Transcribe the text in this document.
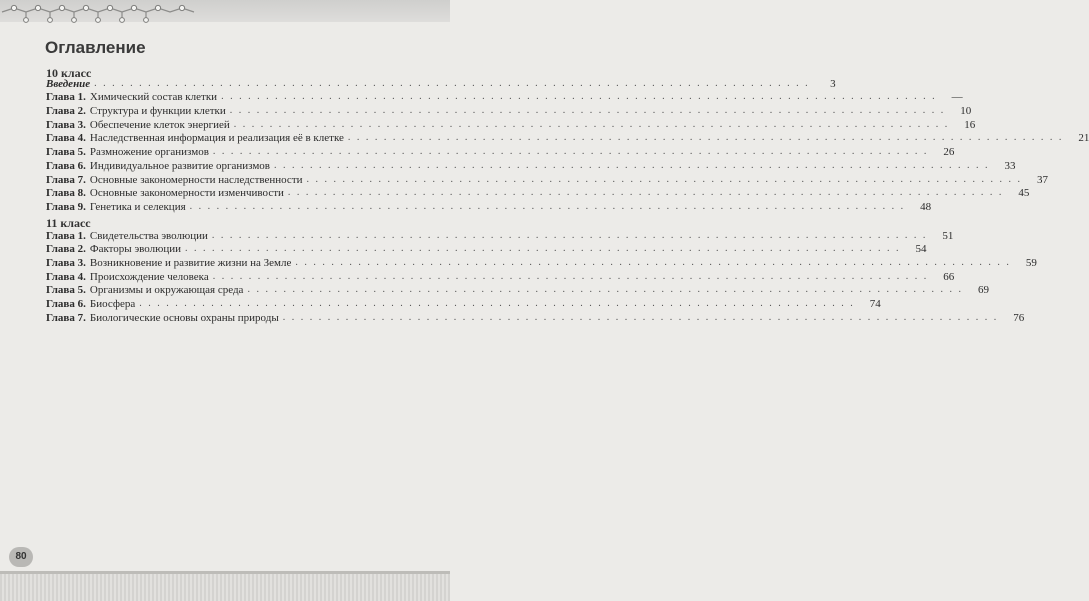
Оглавление
10 класс
Введение . . . . . . . . . . . . . . . . . . . . . . . . . . . . . . . . . . . . . . . . . . . . . . . . . . . . . . . . . . . . . . . . . . . . . . . . . . . . . . . .	3
Глава 1. Химический состав клетки . . . . . . . . . . . . . . . . . . . . . . . . . . . . . . . . . . . . . . . . . . . . . . . . . . . . . . . . . . . . . . . . . . . . . . . . . . . . . . . .	—
Глава 2. Структура и функции клетки . . . . . . . . . . . . . . . . . . . . . . . . . . . . . . . . . . . . . . . . . . . . . . . . . . . . . . . . . . . . . . . . . . . . . . . . . . . . . . . .	10
Глава 3. Обеспечение клеток энергией . . . . . . . . . . . . . . . . . . . . . . . . . . . . . . . . . . . . . . . . . . . . . . . . . . . . . . . . . . . . . . . . . . . . . . . . . . . . . . . .	16
Глава 4. Наследственная информация и реализация её в клетке . . . . . . . . . . . . . . . . . . . . . . . . . . . . . . . . . . . . . . . . . . . . . . . . . . . . . . . . . . . . . . . . . . . . . . . . . . . . . . . .	21
Глава 5. Размножение организмов . . . . . . . . . . . . . . . . . . . . . . . . . . . . . . . . . . . . . . . . . . . . . . . . . . . . . . . . . . . . . . . . . . . . . . . . . . . . . . . .	26
Глава 6. Индивидуальное развитие организмов . . . . . . . . . . . . . . . . . . . . . . . . . . . . . . . . . . . . . . . . . . . . . . . . . . . . . . . . . . . . . . . . . . . . . . . . . . . . . . . .	33
Глава 7. Основные закономерности наследственности . . . . . . . . . . . . . . . . . . . . . . . . . . . . . . . . . . . . . . . . . . . . . . . . . . . . . . . . . . . . . . . . . . . . . . . . . . . . . . . .	37
Глава 8. Основные закономерности изменчивости . . . . . . . . . . . . . . . . . . . . . . . . . . . . . . . . . . . . . . . . . . . . . . . . . . . . . . . . . . . . . . . . . . . . . . . . . . . . . . . .	45
Глава 9. Генетика и селекция . . . . . . . . . . . . . . . . . . . . . . . . . . . . . . . . . . . . . . . . . . . . . . . . . . . . . . . . . . . . . . . . . . . . . . . . . . . . . . . .	48
11 класс
Глава 1. Свидетельства эволюции . . . . . . . . . . . . . . . . . . . . . . . . . . . . . . . . . . . . . . . . . . . . . . . . . . . . . . . . . . . . . . . . . . . . . . . . . . . . . . . .	51
Глава 2. Факторы эволюции . . . . . . . . . . . . . . . . . . . . . . . . . . . . . . . . . . . . . . . . . . . . . . . . . . . . . . . . . . . . . . . . . . . . . . . . . . . . . . . .	54
Глава 3. Возникновение и развитие жизни на Земле . . . . . . . . . . . . . . . . . . . . . . . . . . . . . . . . . . . . . . . . . . . . . . . . . . . . . . . . . . . . . . . . . . . . . . . . . . . . . . . .	59
Глава 4. Происхождение человека . . . . . . . . . . . . . . . . . . . . . . . . . . . . . . . . . . . . . . . . . . . . . . . . . . . . . . . . . . . . . . . . . . . . . . . . . . . . . . . .	66
Глава 5. Организмы и окружающая среда . . . . . . . . . . . . . . . . . . . . . . . . . . . . . . . . . . . . . . . . . . . . . . . . . . . . . . . . . . . . . . . . . . . . . . . . . . . . . . . .	69
Глава 6. Биосфера . . . . . . . . . . . . . . . . . . . . . . . . . . . . . . . . . . . . . . . . . . . . . . . . . . . . . . . . . . . . . . . . . . . . . . . . . . . . . . . .	74
Глава 7. Биологические основы охраны природы . . . . . . . . . . . . . . . . . . . . . . . . . . . . . . . . . . . . . . . . . . . . . . . . . . . . . . . . . . . . . . . . . . . . . . . . . . . . . . . .	76
80
